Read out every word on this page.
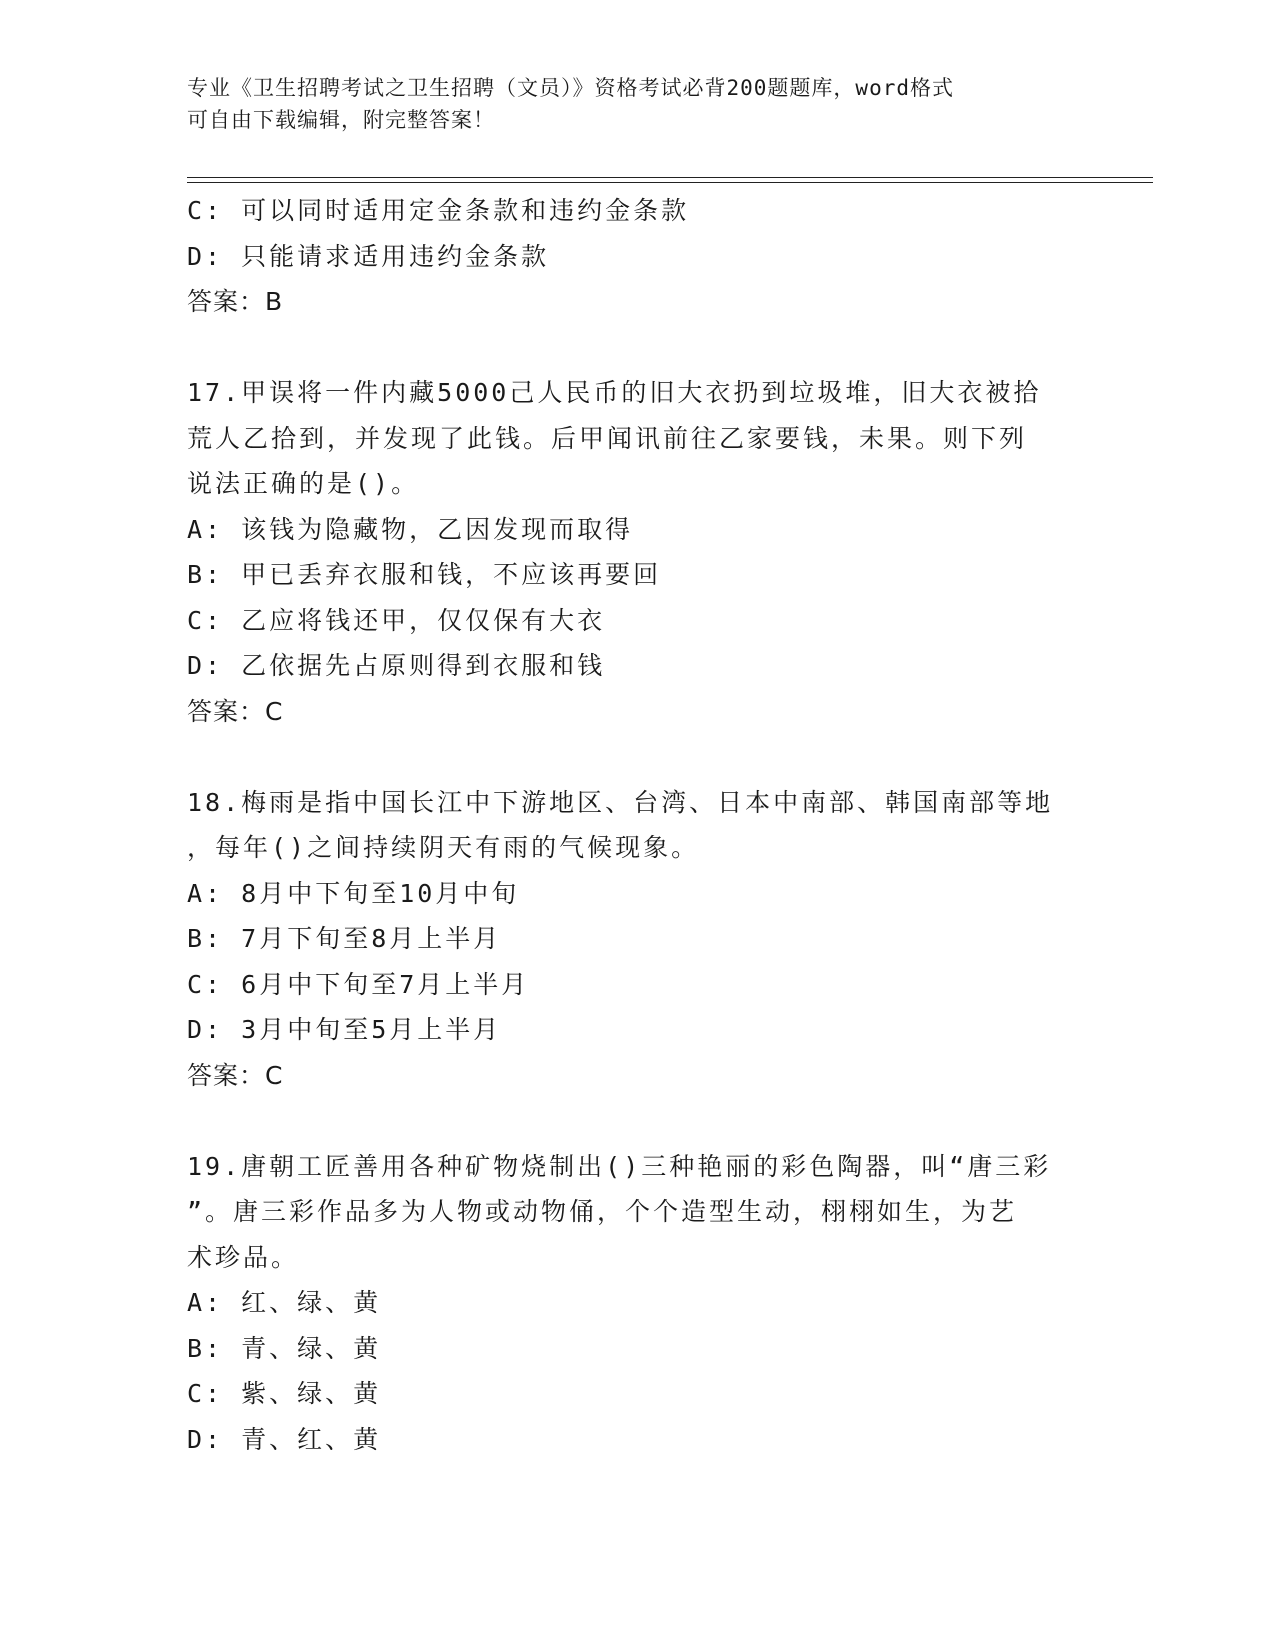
专业《卫生招聘考试之卫生招聘（文员）》资格考试必背200题题库，word格式
可自由下载编辑，附完整答案！
C: 可以同时适用定金条款和违约金条款
D: 只能请求适用违约金条款
答案：B
17.甲误将一件内藏5000己人民币的旧大衣扔到垃圾堆，旧大衣被拾
荒人乙拾到，并发现了此钱。后甲闻讯前往乙家要钱，未果。则下列
说法正确的是()。
A: 该钱为隐藏物，乙因发现而取得
B: 甲已丢弃衣服和钱，不应该再要回
C: 乙应将钱还甲，仅仅保有大衣
D: 乙依据先占原则得到衣服和钱
答案：C
18.梅雨是指中国长江中下游地区、台湾、日本中南部、韩国南部等地
，每年()之间持续阴天有雨的气候现象。
A: 8月中下旬至10月中旬
B: 7月下旬至8月上半月
C: 6月中下旬至7月上半月
D: 3月中旬至5月上半月
答案：C
19.唐朝工匠善用各种矿物烧制出()三种艳丽的彩色陶器，叫“唐三彩
”。唐三彩作品多为人物或动物俑，个个造型生动，栩栩如生，为艺
术珍品。
A: 红、绿、黄
B: 青、绿、黄
C: 紫、绿、黄
D: 青、红、黄
